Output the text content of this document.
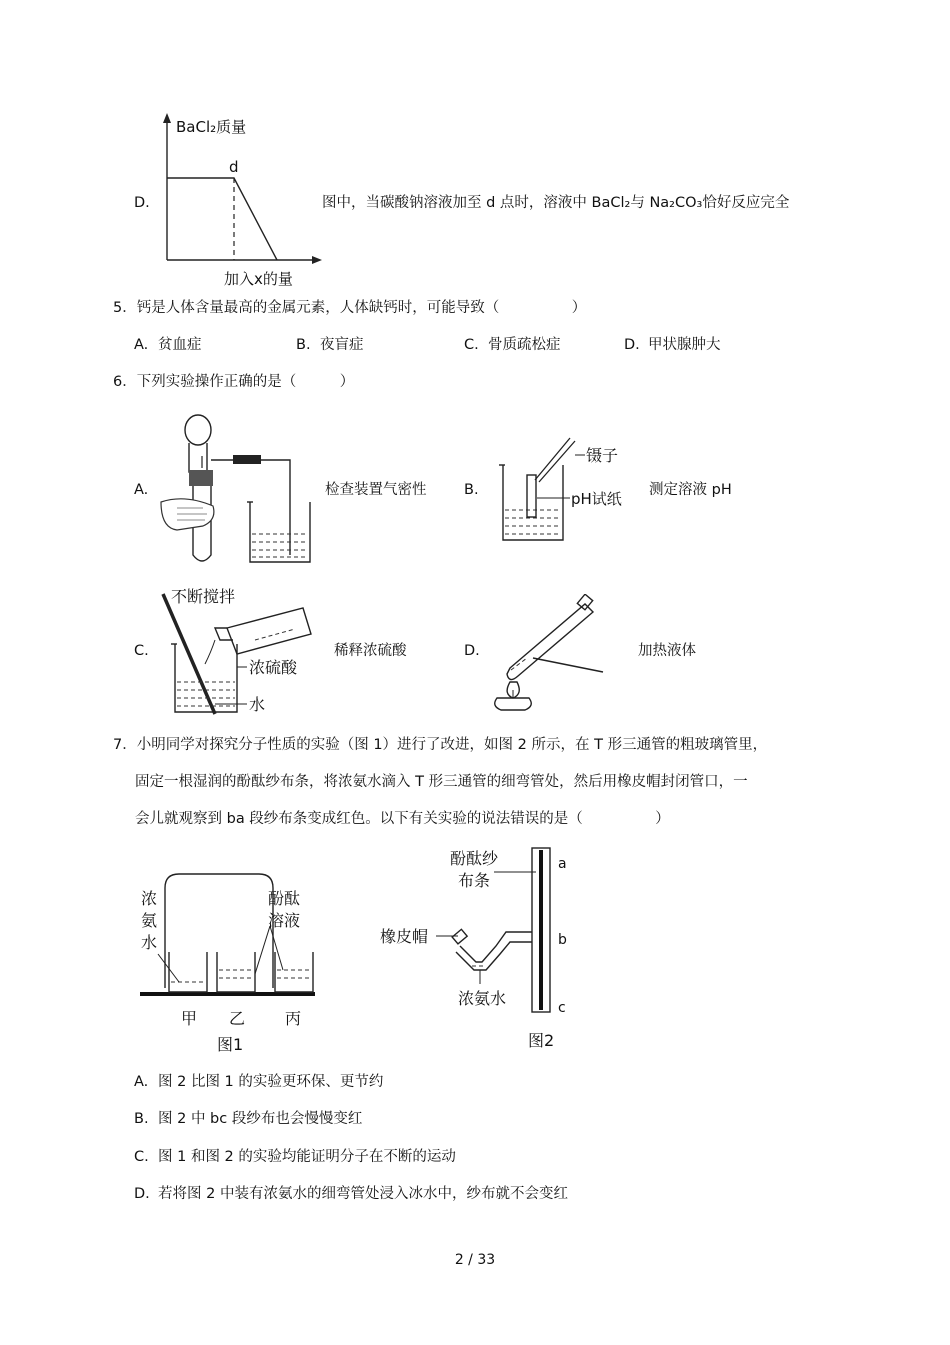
BaCl₂质量
d
加入x的量
D.	图中，当碳酸钠溶液加至 d 点时，溶液中 BaCl₂与 Na₂CO₃恰好反应完全
5．钙是人体含量最高的金属元素，人体缺钙时，可能导致（　　　　　）
A. 贫血症	B. 夜盲症	C. 骨质疏松症	D. 甲状腺肿大
6．下列实验操作正确的是（　　　）
A.	检查装置气密性
镊子
pH试纸
B.	测定溶液 pH
不断搅拌
浓硫酸
水
C.	稀释浓硫酸	D.	加热液体
7．小明同学对探究分子性质的实验（图 1）进行了改进，如图 2 所示，在 T 形三通管的粗玻璃管里，
固定一根湿润的酚酞纱布条，将浓氨水滴入 T 形三通管的细弯管处，然后用橡皮帽封闭管口，一
会儿就观察到 ba 段纱布条变成红色。以下有关实验的说法错误的是（　　　　　）
浓
氨
水
酚酞
溶液
甲 乙 丙
图1
酚酞纱
布条
橡皮帽
浓氨水
a
b
c
图2
A. 图 2 比图 1 的实验更环保、更节约
B. 图 2 中 bc 段纱布也会慢慢变红
C. 图 1 和图 2 的实验均能证明分子在不断的运动
D. 若将图 2 中装有浓氨水的细弯管处浸入冰水中，纱布就不会变红
2 / 33
